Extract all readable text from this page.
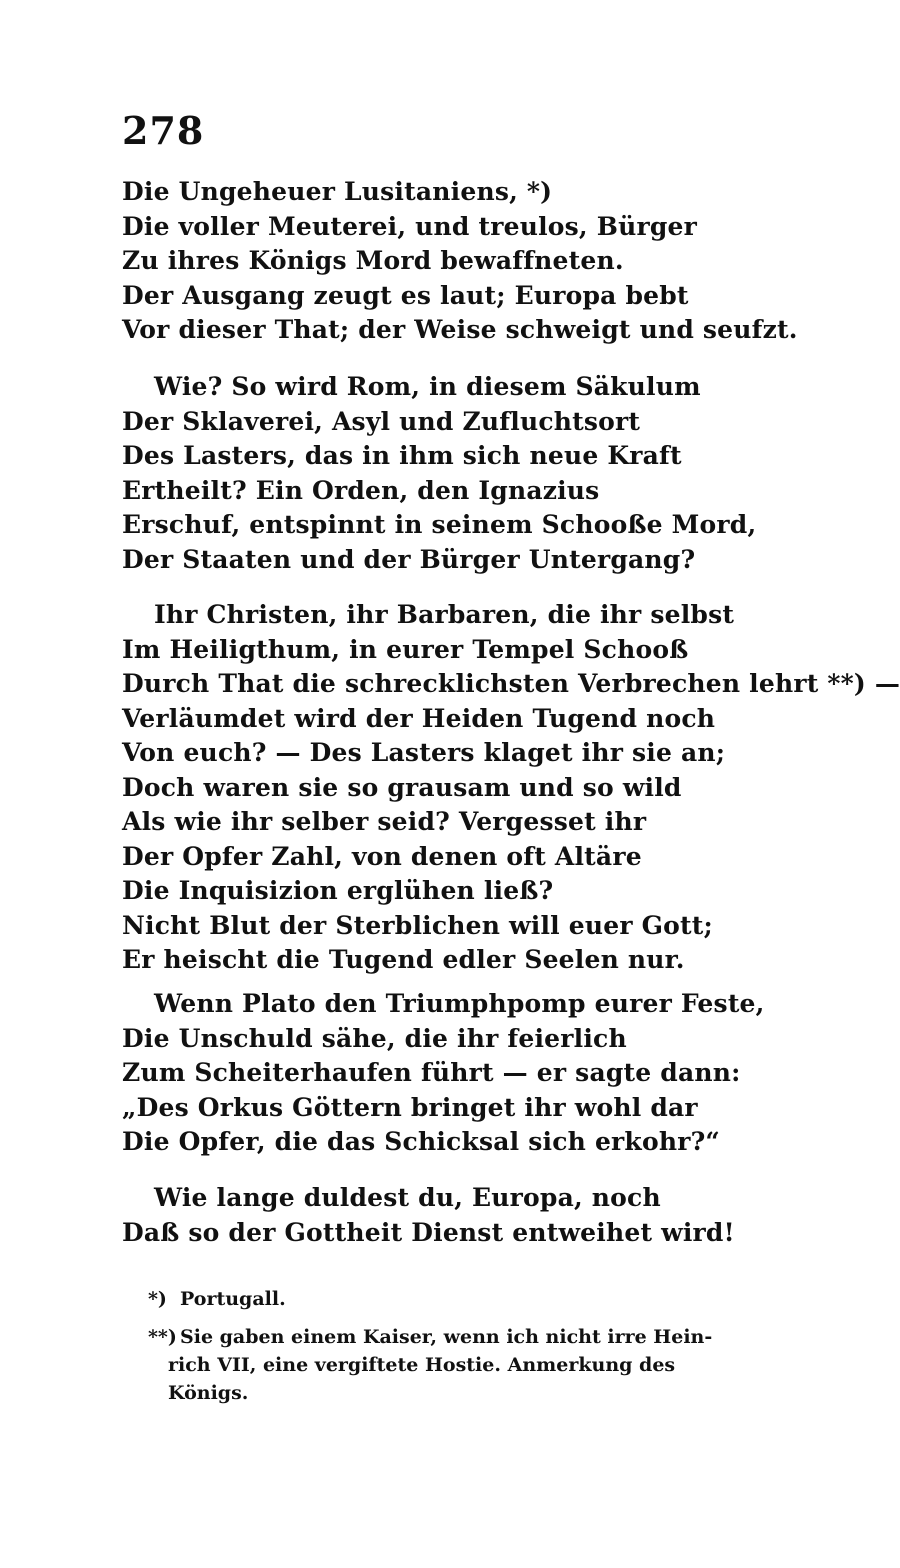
278
Die Ungeheuer Lusitaniens, *)
Die voller Meuterei, und treulos, Bürger
Zu ihres Königs Mord bewaffneten.
Der Ausgang zeugt es laut; Europa bebt
Vor dieser That; der Weise schweigt und seufzt.
Wie? So wird Rom, in diesem Säkulum
Der Sklaverei, Asyl und Zufluchtsort
Des Lasters, das in ihm sich neue Kraft
Ertheilt? Ein Orden, den Ignazius
Erschuf, entspinnt in seinem Schooße Mord,
Der Staaten und der Bürger Untergang?
Ihr Christen, ihr Barbaren, die ihr selbst
Im Heiligthum, in eurer Tempel Schooß
Durch That die schrecklichsten Verbrechen lehrt **) —
Verläumdet wird der Heiden Tugend noch
Von euch? — Des Lasters klaget ihr sie an;
Doch waren sie so grausam und so wild
Als wie ihr selber seid? Vergesset ihr
Der Opfer Zahl, von denen oft Altäre
Die Inquisizion erglühen ließ?
Nicht Blut der Sterblichen will euer Gott;
Er heischt die Tugend edler Seelen nur.
Wenn Plato den Triumphpomp eurer Feste,
Die Unschuld sähe, die ihr feierlich
Zum Scheiterhaufen führt — er sagte dann:
„Des Orkus Göttern bringet ihr wohl dar
Die Opfer, die das Schicksal sich erkohr?“
Wie lange duldest du, Europa, noch
Daß so der Gottheit Dienst entweihet wird!
*) Portugall.
**) Sie gaben einem Kaiser, wenn ich nicht irre Hein-
rich VII, eine vergiftete Hostie. Anmerkung des
Königs.
